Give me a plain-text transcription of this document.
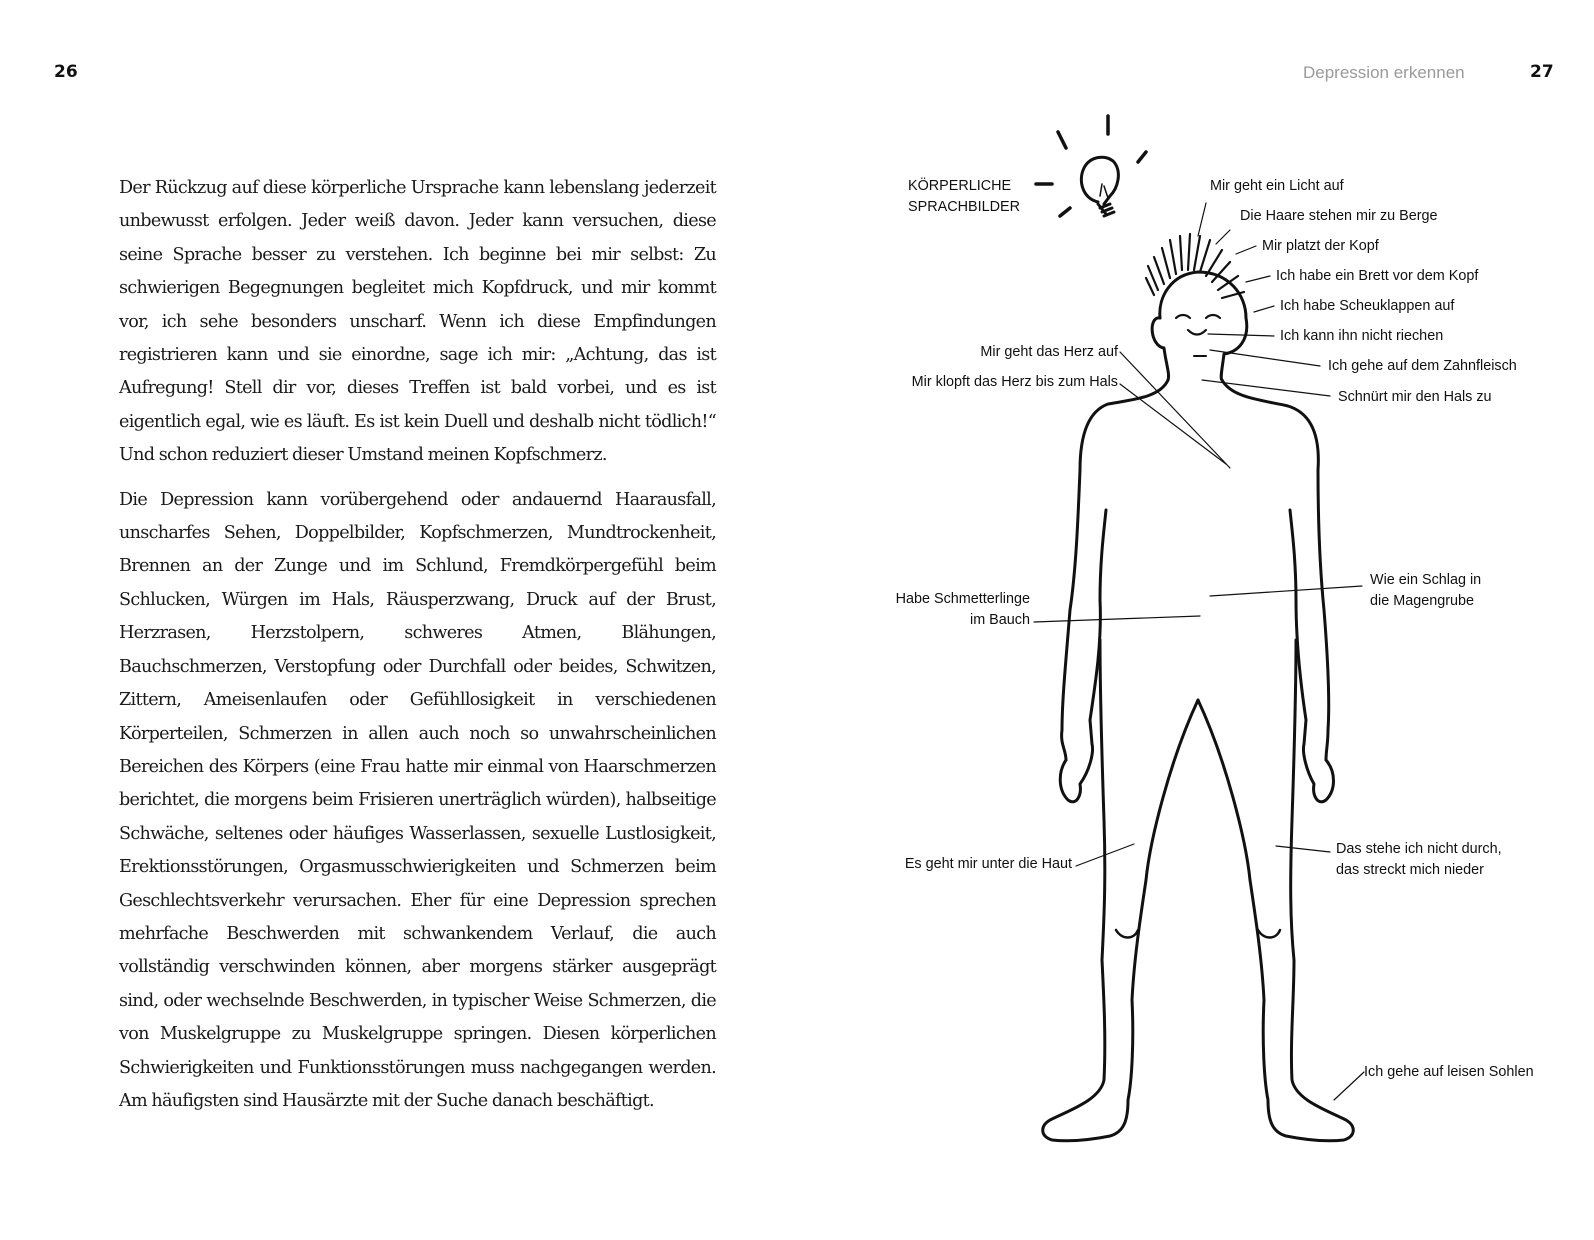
26	Depression erkennen	27

Der Rückzug auf diese körperliche Ursprache kann lebenslang jederzeit unbewusst erfolgen. Jeder weiß davon. Jeder kann versuchen, diese seine Sprache besser zu verstehen. Ich beginne bei mir selbst: Zu schwierigen Begegnungen begleitet mich Kopfdruck, und mir kommt vor, ich sehe besonders unscharf. Wenn ich diese Empfindungen registrieren kann und sie einordne, sage ich mir: „Achtung, das ist Aufregung! Stell dir vor, dieses Treffen ist bald vorbei, und es ist eigentlich egal, wie es läuft. Es ist kein Duell und deshalb nicht tödlich!“ Und schon reduziert dieser Umstand meinen Kopfschmerz.

Die Depression kann vorübergehend oder andauernd Haarausfall, unscharfes Sehen, Doppelbilder, Kopfschmerzen, Mundtrockenheit, Brennen an der Zunge und im Schlund, Fremdkörpergefühl beim Schlucken, Würgen im Hals, Räusperzwang, Druck auf der Brust, Herzrasen, Herzstolpern, schweres Atmen, Blähungen, Bauchschmerzen, Verstopfung oder Durchfall oder beides, Schwitzen, Zittern, Ameisenlaufen oder Gefühllosigkeit in verschiedenen Körperteilen, Schmerzen in allen auch noch so unwahrscheinlichen Bereichen des Körpers (eine Frau hatte mir einmal von Haarschmerzen berichtet, die morgens beim Frisieren unerträglich würden), halbseitige Schwäche, seltenes oder häufiges Wasserlassen, sexuelle Lustlosigkeit, Erektionsstörungen, Orgasmusschwierigkeiten und Schmerzen beim Geschlechtsverkehr verursachen. Eher für eine Depression sprechen mehrfache Beschwerden mit schwankendem Verlauf, die auch vollständig verschwinden können, aber morgens stärker ausgeprägt sind, oder wechselnde Beschwerden, in typischer Weise Schmerzen, die von Muskelgruppe zu Muskelgruppe springen. Diesen körperlichen Schwierigkeiten und Funktionsstörungen muss nachgegangen werden. Am häufigsten sind Hausärzte mit der Suche danach beschäftigt.

KÖRPERLICHE
SPRACHBILDER
Mir geht ein Licht auf
Die Haare stehen mir zu Berge
Mir platzt der Kopf
Ich habe ein Brett vor dem Kopf
Ich habe Scheuklappen auf
Ich kann ihn nicht riechen
Ich gehe auf dem Zahnfleisch
Schnürt mir den Hals zu
Mir geht das Herz auf
Mir klopft das Herz bis zum Hals
Wie ein Schlag in
die Magengrube
Habe Schmetterlinge
im Bauch
Es geht mir unter die Haut
Das stehe ich nicht durch,
das streckt mich nieder
Ich gehe auf leisen Sohlen
